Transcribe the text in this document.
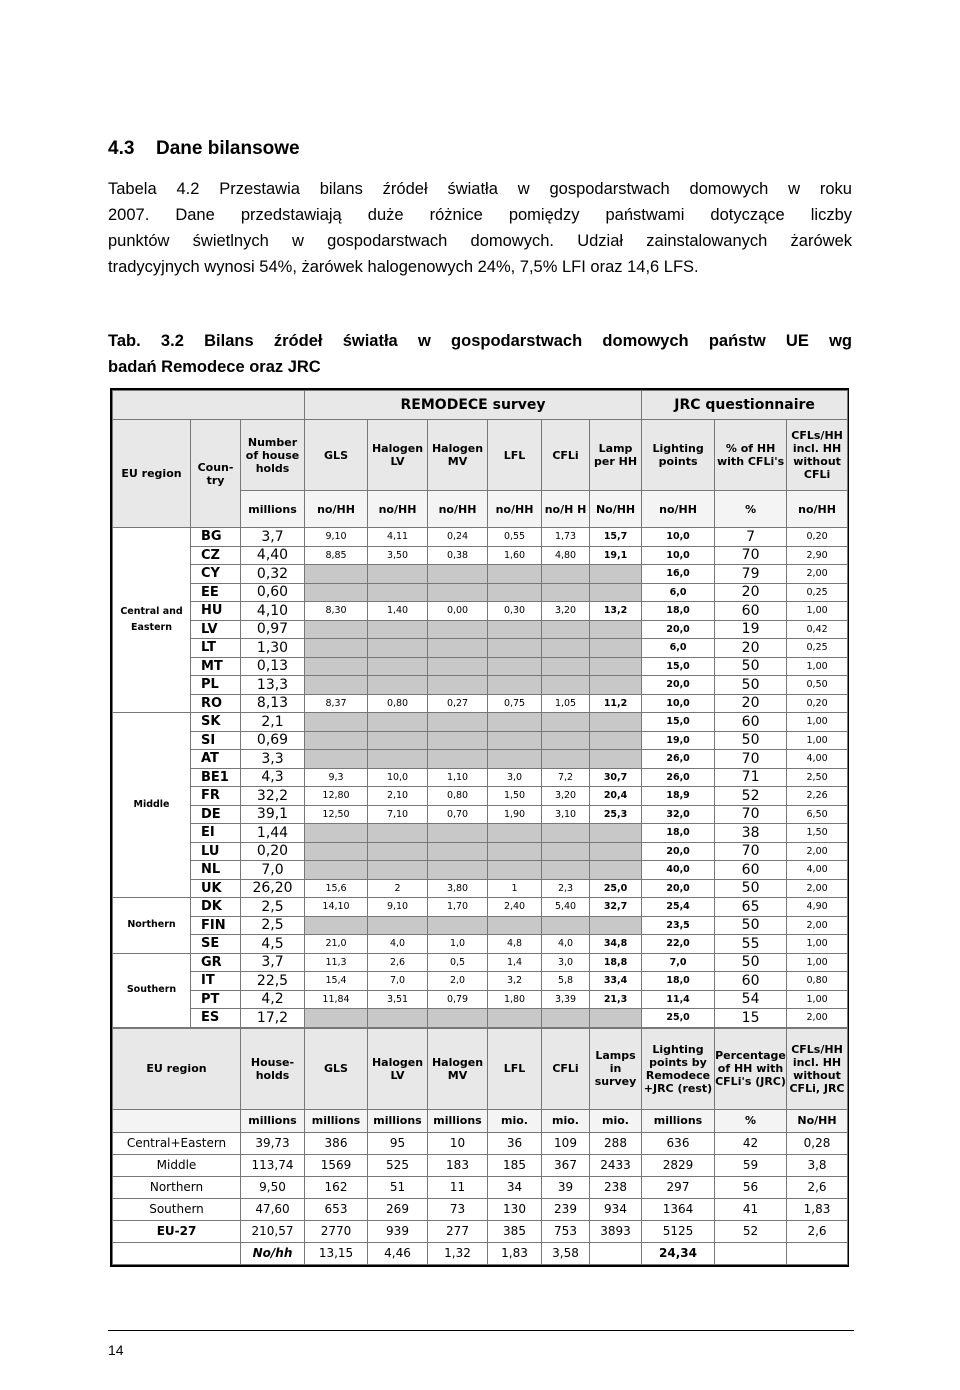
4.3 Dane bilansowe
Tabela 4.2 Przestawia bilans źródeł światła w gospodarstwach domowych w roku
2007. Dane przedstawiają duże różnice pomiędzy państwami dotyczące liczby
punktów świetlnych w gospodarstwach domowych. Udział zainstalowanych żarówek
tradycyjnych wynosi 54%, żarówek halogenowych 24%, 7,5% LFI oraz 14,6 LFS.
Tab. 3.2 Bilans źródeł światła w gospodarstwach domowych państw UE wg
badań Remodece oraz JRC
			REMODECE survey						JRC questionnaire		
EU region	Coun- try	Number of house holds	GLS	Halogen LV	Halogen MV	LFL	CFLi	Lamp per HH	Lighting points	% of HH with CFLi's	CFLs/HH incl. HH without CFLi
		millions	no/HH	no/HH	no/HH	no/HH	no/H H	No/HH	no/HH	%	no/HH
Central and Eastern	BG	3,7	9,10	4,11	0,24	0,55	1,73	15,7	10,0	7	0,20
	CZ	4,40	8,85	3,50	0,38	1,60	4,80	19,1	10,0	70	2,90
	CY	0,32							16,0	79	2,00
	EE	0,60							6,0	20	0,25
	HU	4,10	8,30	1,40	0,00	0,30	3,20	13,2	18,0	60	1,00
	LV	0,97							20,0	19	0,42
	LT	1,30							6,0	20	0,25
	MT	0,13							15,0	50	1,00
	PL	13,3							20,0	50	0,50
	RO	8,13	8,37	0,80	0,27	0,75	1,05	11,2	10,0	20	0,20
Middle	SK	2,1							15,0	60	1,00
	SI	0,69							19,0	50	1,00
	AT	3,3							26,0	70	4,00
	BE1	4,3	9,3	10,0	1,10	3,0	7,2	30,7	26,0	71	2,50
	FR	32,2	12,80	2,10	0,80	1,50	3,20	20,4	18,9	52	2,26
	DE	39,1	12,50	7,10	0,70	1,90	3,10	25,3	32,0	70	6,50
	EI	1,44							18,0	38	1,50
	LU	0,20							20,0	70	2,00
	NL	7,0							40,0	60	4,00
	UK	26,20	15,6	2	3,80	1	2,3	25,0	20,0	50	2,00
Northern	DK	2,5	14,10	9,10	1,70	2,40	5,40	32,7	25,4	65	4,90
	FIN	2,5							23,5	50	2,00
	SE	4,5	21,0	4,0	1,0	4,8	4,0	34,8	22,0	55	1,00
Southern	GR	3,7	11,3	2,6	0,5	1,4	3,0	18,8	7,0	50	1,00
	IT	22,5	15,4	7,0	2,0	3,2	5,8	33,4	18,0	60	0,80
	PT	4,2	11,84	3,51	0,79	1,80	3,39	21,3	11,4	54	1,00
	ES	17,2							25,0	15	2,00
EU region	House- holds	GLS	Halogen LV	Halogen MV	LFL	CFLi	Lamps in survey	Lighting points by Remodece +JRC (rest)	Percentage of HH with CFLi's (JRC)	CFLs/HH incl. HH without CFLi, JRC
	millions	millions	millions	millions	mio.	mio.	mio.	millions	%	No/HH
Central+Eastern	39,73	386	95	10	36	109	288	636	42	0,28
Middle	113,74	1569	525	183	185	367	2433	2829	59	3,8
Northern	9,50	162	51	11	34	39	238	297	56	2,6
Southern	47,60	653	269	73	130	239	934	1364	41	1,83
EU-27	210,57	2770	939	277	385	753	3893	5125	52	2,6
	No/hh	13,15	4,46	1,32	1,83	3,58		24,34		
14
